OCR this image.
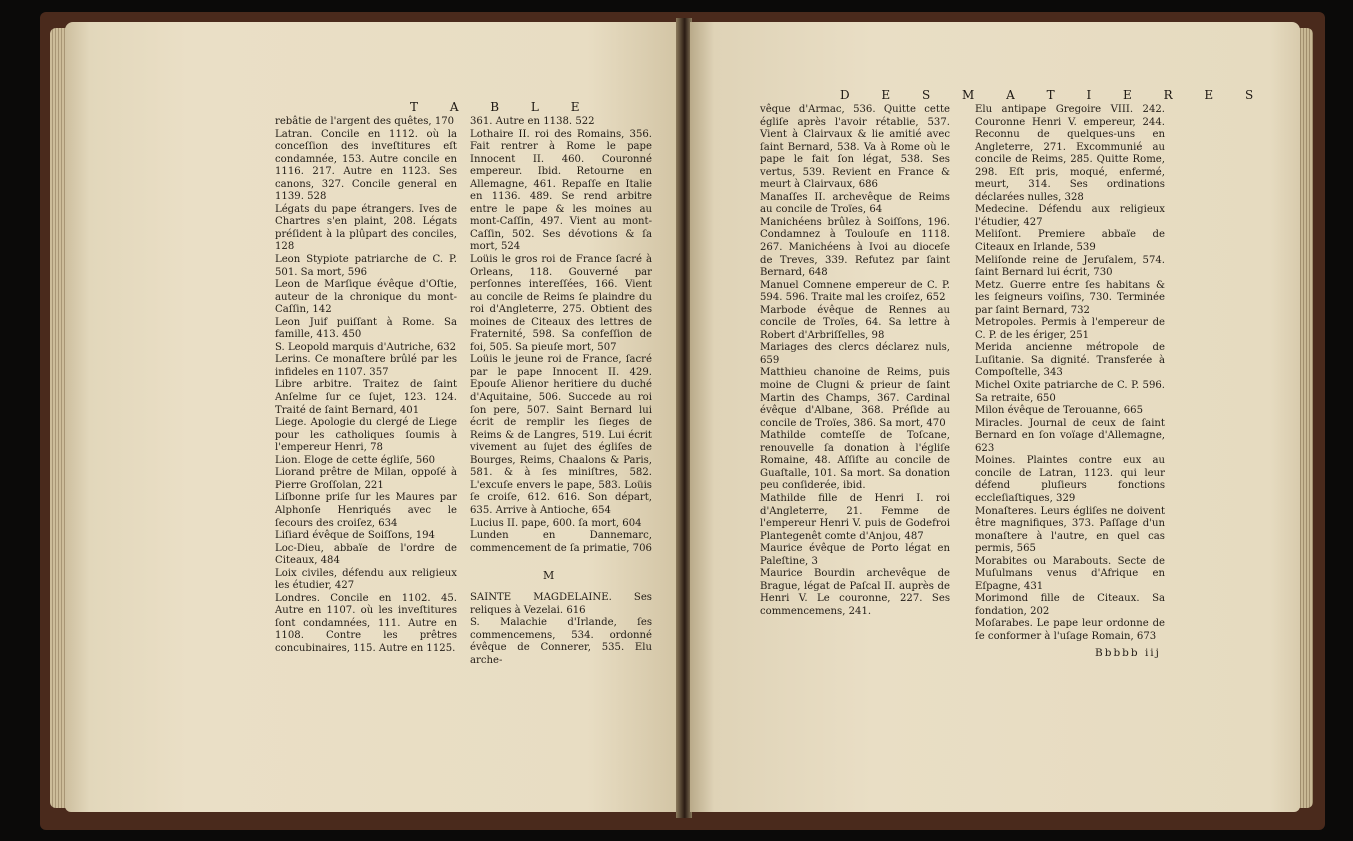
T A B L E
rebâtie de l'argent des quêtes, 170
Latran. Concile en 1112. où la conceſſion des inveſtitures eſt condamnée, 153. Autre concile en 1116. 217. Autre en 1123. Ses canons, 327. Concile general en 1139. 528
Légats du pape étrangers. Ives de Chartres s'en plaint, 208. Légats préſident à la plûpart des conciles, 128
Leon Stypiote patriarche de C. P. 501. Sa mort, 596
Leon de Marſique évêque d'Oſtie, auteur de la chronique du mont-Caſſin, 142
Leon Juif puiſſant à Rome. Sa famille, 413. 450
S. Leopold marquis d'Autriche, 632
Lerins. Ce monaſtere brûlé par les infideles en 1107. 357
Libre arbitre. Traitez de ſaint Anſelme ſur ce ſujet, 123. 124. Traité de ſaint Bernard, 401
Liege. Apologie du clergé de Liege pour les catholiques ſoumis à l'empereur Henri, 78
Lion. Eloge de cette égliſe, 560
Liorand prêtre de Milan, oppoſé à Pierre Groſſolan, 221
Liſbonne priſe ſur les Maures par Alphonſe Henriqués avec le ſecours des croiſez, 634
Liſiard évêque de Soiſſons, 194
Loc-Dieu, abbaïe de l'ordre de Citeaux, 484
Loix civiles, défendu aux religieux les étudier, 427
Londres. Concile en 1102. 45. Autre en 1107. où les inveſtitures ſont condamnées, 111. Autre en 1108. Contre les prêtres concubinaires, 115. Autre en 1125.
361. Autre en 1138. 522
Lothaire II. roi des Romains, 356. Fait rentrer à Rome le pape Innocent II. 460. Couronné empereur. Ibid. Retourne en Allemagne, 461. Repaſſe en Italie en 1136. 489. Se rend arbitre entre le pape & les moines au mont-Caſſin, 497. Vient au mont-Caſſin, 502. Ses dévotions & ſa mort, 524
Loüis le gros roi de France ſacré à Orleans, 118. Gouverné par perſonnes intereſſées, 166. Vient au concile de Reims ſe plaindre du roi d'Angleterre, 275. Obtient des moines de Citeaux des lettres de Fraternité, 598. Sa confeſſion de foi, 505. Sa pieuſe mort, 507
Loüis le jeune roi de France, ſacré par le pape Innocent II. 429. Epouſe Alienor heritiere du duché d'Aquitaine, 506. Succede au roi ſon pere, 507. Saint Bernard lui écrit de remplir les ſieges de Reims & de Langres, 519. Lui écrit vivement au ſujet des égliſes de Bourges, Reims, Chaalons & Paris, 581. & à ſes miniſtres, 582. L'excuſe envers le pape, 583. Loüis ſe croiſe, 612. 616. Son départ, 635. Arrive à Antioche, 654
Lucius II. pape, 600. ſa mort, 604
Lunden en Dannemarc, commencement de ſa primatie, 706
M
SAINTE MAGDELAINE. Ses reliques à Vezelai. 616
S. Malachie d'Irlande, ſes commencemens, 534. ordonné évêque de Connerer, 535. Elu arche-
D E S M A T I E R E S
vêque d'Armac, 536. Quitte cette égliſe après l'avoir rétablie, 537. Vient à Clairvaux & lie amitié avec ſaint Bernard, 538. Va à Rome où le pape le fait ſon légat, 538. Ses vertus, 539. Revient en France & meurt à Clairvaux, 686
Manaſſes II. archevêque de Reims au concile de Troïes, 64
Manichéens brûlez à Soiſſons, 196. Condamnez à Toulouſe en 1118. 267. Manichéens à Ivoi au dioceſe de Treves, 339. Refutez par ſaint Bernard, 648
Manuel Comnene empereur de C. P. 594. 596. Traite mal les croiſez, 652
Marbode évêque de Rennes au concile de Troïes, 64. Sa lettre à Robert d'Arbriſſelles, 98
Mariages des clercs déclarez nuls, 659
Matthieu chanoine de Reims, puis moine de Clugni & prieur de ſaint Martin des Champs, 367. Cardinal évêque d'Albane, 368. Préſide au concile de Troïes, 386. Sa mort, 470
Mathilde comteſſe de Toſcane, renouvelle ſa donation à l'égliſe Romaine, 48. Aſſiſte au concile de Guaſtalle, 101. Sa mort. Sa donation peu conſiderée, ibid.
Mathilde fille de Henri I. roi d'Angleterre, 21. Femme de l'empereur Henri V. puis de Godefroi Plantegenêt comte d'Anjou, 487
Maurice évêque de Porto légat en Paleſtine, 3
Maurice Bourdin archevêque de Brague, légat de Paſcal II. auprès de Henri V. Le couronne, 227. Ses commencemens, 241.
Elu antipape Gregoire VIII. 242. Couronne Henri V. empereur, 244. Reconnu de quelques-uns en Angleterre, 271. Excommunié au concile de Reims, 285. Quitte Rome, 298. Eſt pris, moqué, enfermé, meurt, 314. Ses ordinations déclarées nulles, 328
Medecine. Défendu aux religieux l'étudier, 427
Meliſont. Premiere abbaïe de Citeaux en Irlande, 539
Meliſonde reine de Jeruſalem, 574. ſaint Bernard lui écrit, 730
Metz. Guerre entre ſes habitans & les ſeigneurs voiſins, 730. Terminée par ſaint Bernard, 732
Metropoles. Permis à l'empereur de C. P. de les ériger, 251
Merida ancienne métropole de Luſitanie. Sa dignité. Transferée à Compoſtelle, 343
Michel Oxite patriarche de C. P. 596. Sa retraite, 650
Milon évêque de Terouanne, 665
Miracles. Journal de ceux de ſaint Bernard en ſon voïage d'Allemagne, 623
Moines. Plaintes contre eux au concile de Latran, 1123. qui leur défend pluſieurs fonctions eccleſiaſtiques, 329
Monaſteres. Leurs égliſes ne doivent être magnifiques, 373. Paſſage d'un monaſtere à l'autre, en quel cas permis, 565
Morabites ou Marabouts. Secte de Muſulmans venus d'Afrique en Eſpagne, 431
Morimond fille de Citeaux. Sa fondation, 202
Moſarabes. Le pape leur ordonne de ſe conformer à l'uſage Romain, 673
Bbbbb iij
